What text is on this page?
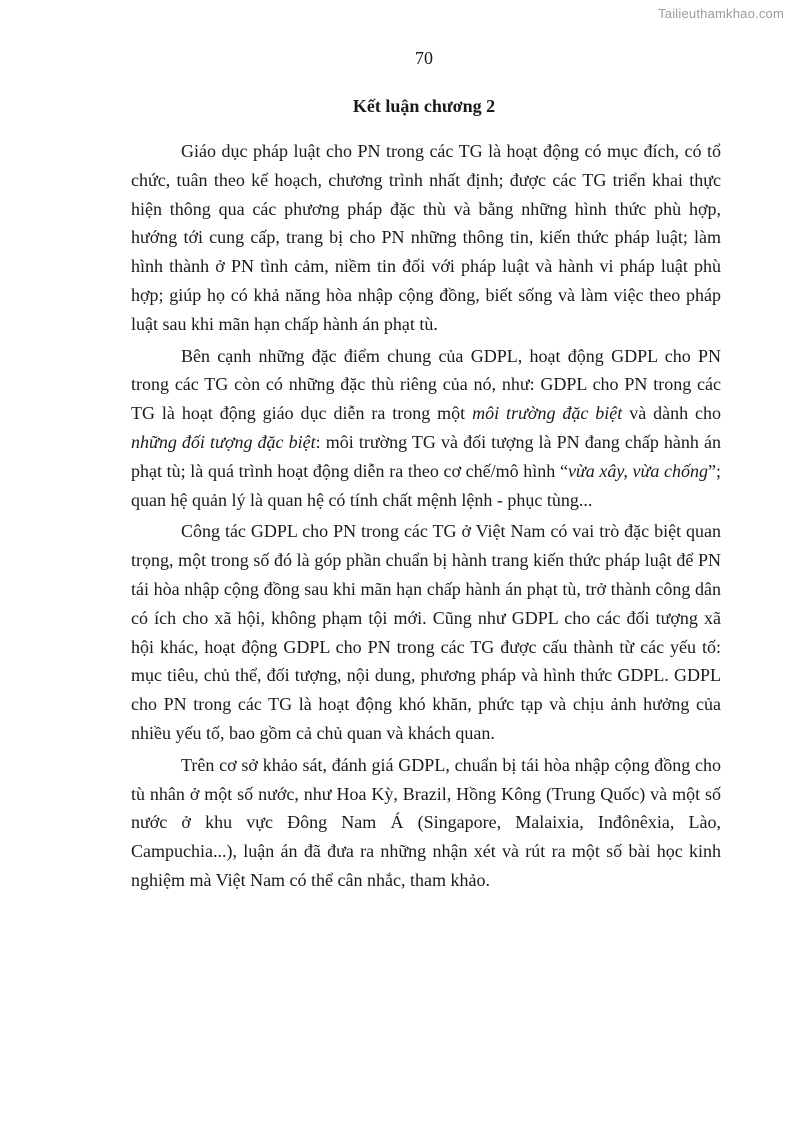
Tailieuthamkhao.com
70
Kết luận chương 2

Giáo dục pháp luật cho PN trong các TG là hoạt động có mục đích, có tổ chức, tuân theo kế hoạch, chương trình nhất định; được các TG triển khai thực hiện thông qua các phương pháp đặc thù và bằng những hình thức phù hợp, hướng tới cung cấp, trang bị cho PN những thông tin, kiến thức pháp luật; làm hình thành ở PN tình cảm, niềm tin đối với pháp luật và hành vi pháp luật phù hợp; giúp họ có khả năng hòa nhập cộng đồng, biết sống và làm việc theo pháp luật sau khi mãn hạn chấp hành án phạt tù.

Bên cạnh những đặc điểm chung của GDPL, hoạt động GDPL cho PN trong các TG còn có những đặc thù riêng của nó, như: GDPL cho PN trong các TG là hoạt động giáo dục diễn ra trong một môi trường đặc biệt và dành cho những đối tượng đặc biệt: môi trường TG và đối tượng là PN đang chấp hành án phạt tù; là quá trình hoạt động diễn ra theo cơ chế/mô hình “vừa xây, vừa chống”; quan hệ quản lý là quan hệ có tính chất mệnh lệnh - phục tùng...

Công tác GDPL cho PN trong các TG ở Việt Nam có vai trò đặc biệt quan trọng, một trong số đó là góp phần chuẩn bị hành trang kiến thức pháp luật để PN tái hòa nhập cộng đồng sau khi mãn hạn chấp hành án phạt tù, trở thành công dân có ích cho xã hội, không phạm tội mới. Cũng như GDPL cho các đối tượng xã hội khác, hoạt động GDPL cho PN trong các TG được cấu thành từ các yếu tố: mục tiêu, chủ thể, đối tượng, nội dung, phương pháp và hình thức GDPL. GDPL cho PN trong các TG là hoạt động khó khăn, phức tạp và chịu ảnh hưởng của nhiều yếu tố, bao gồm cả chủ quan và khách quan.

Trên cơ sở khảo sát, đánh giá GDPL, chuẩn bị tái hòa nhập cộng đồng cho tù nhân ở một số nước, như Hoa Kỳ, Brazil, Hồng Kông (Trung Quốc) và một số nước ở khu vực Đông Nam Á (Singapore, Malaixia, Inđônêxia, Lào, Campuchia...), luận án đã đưa ra những nhận xét và rút ra một số bài học kinh nghiệm mà Việt Nam có thể cân nhắc, tham khảo.
